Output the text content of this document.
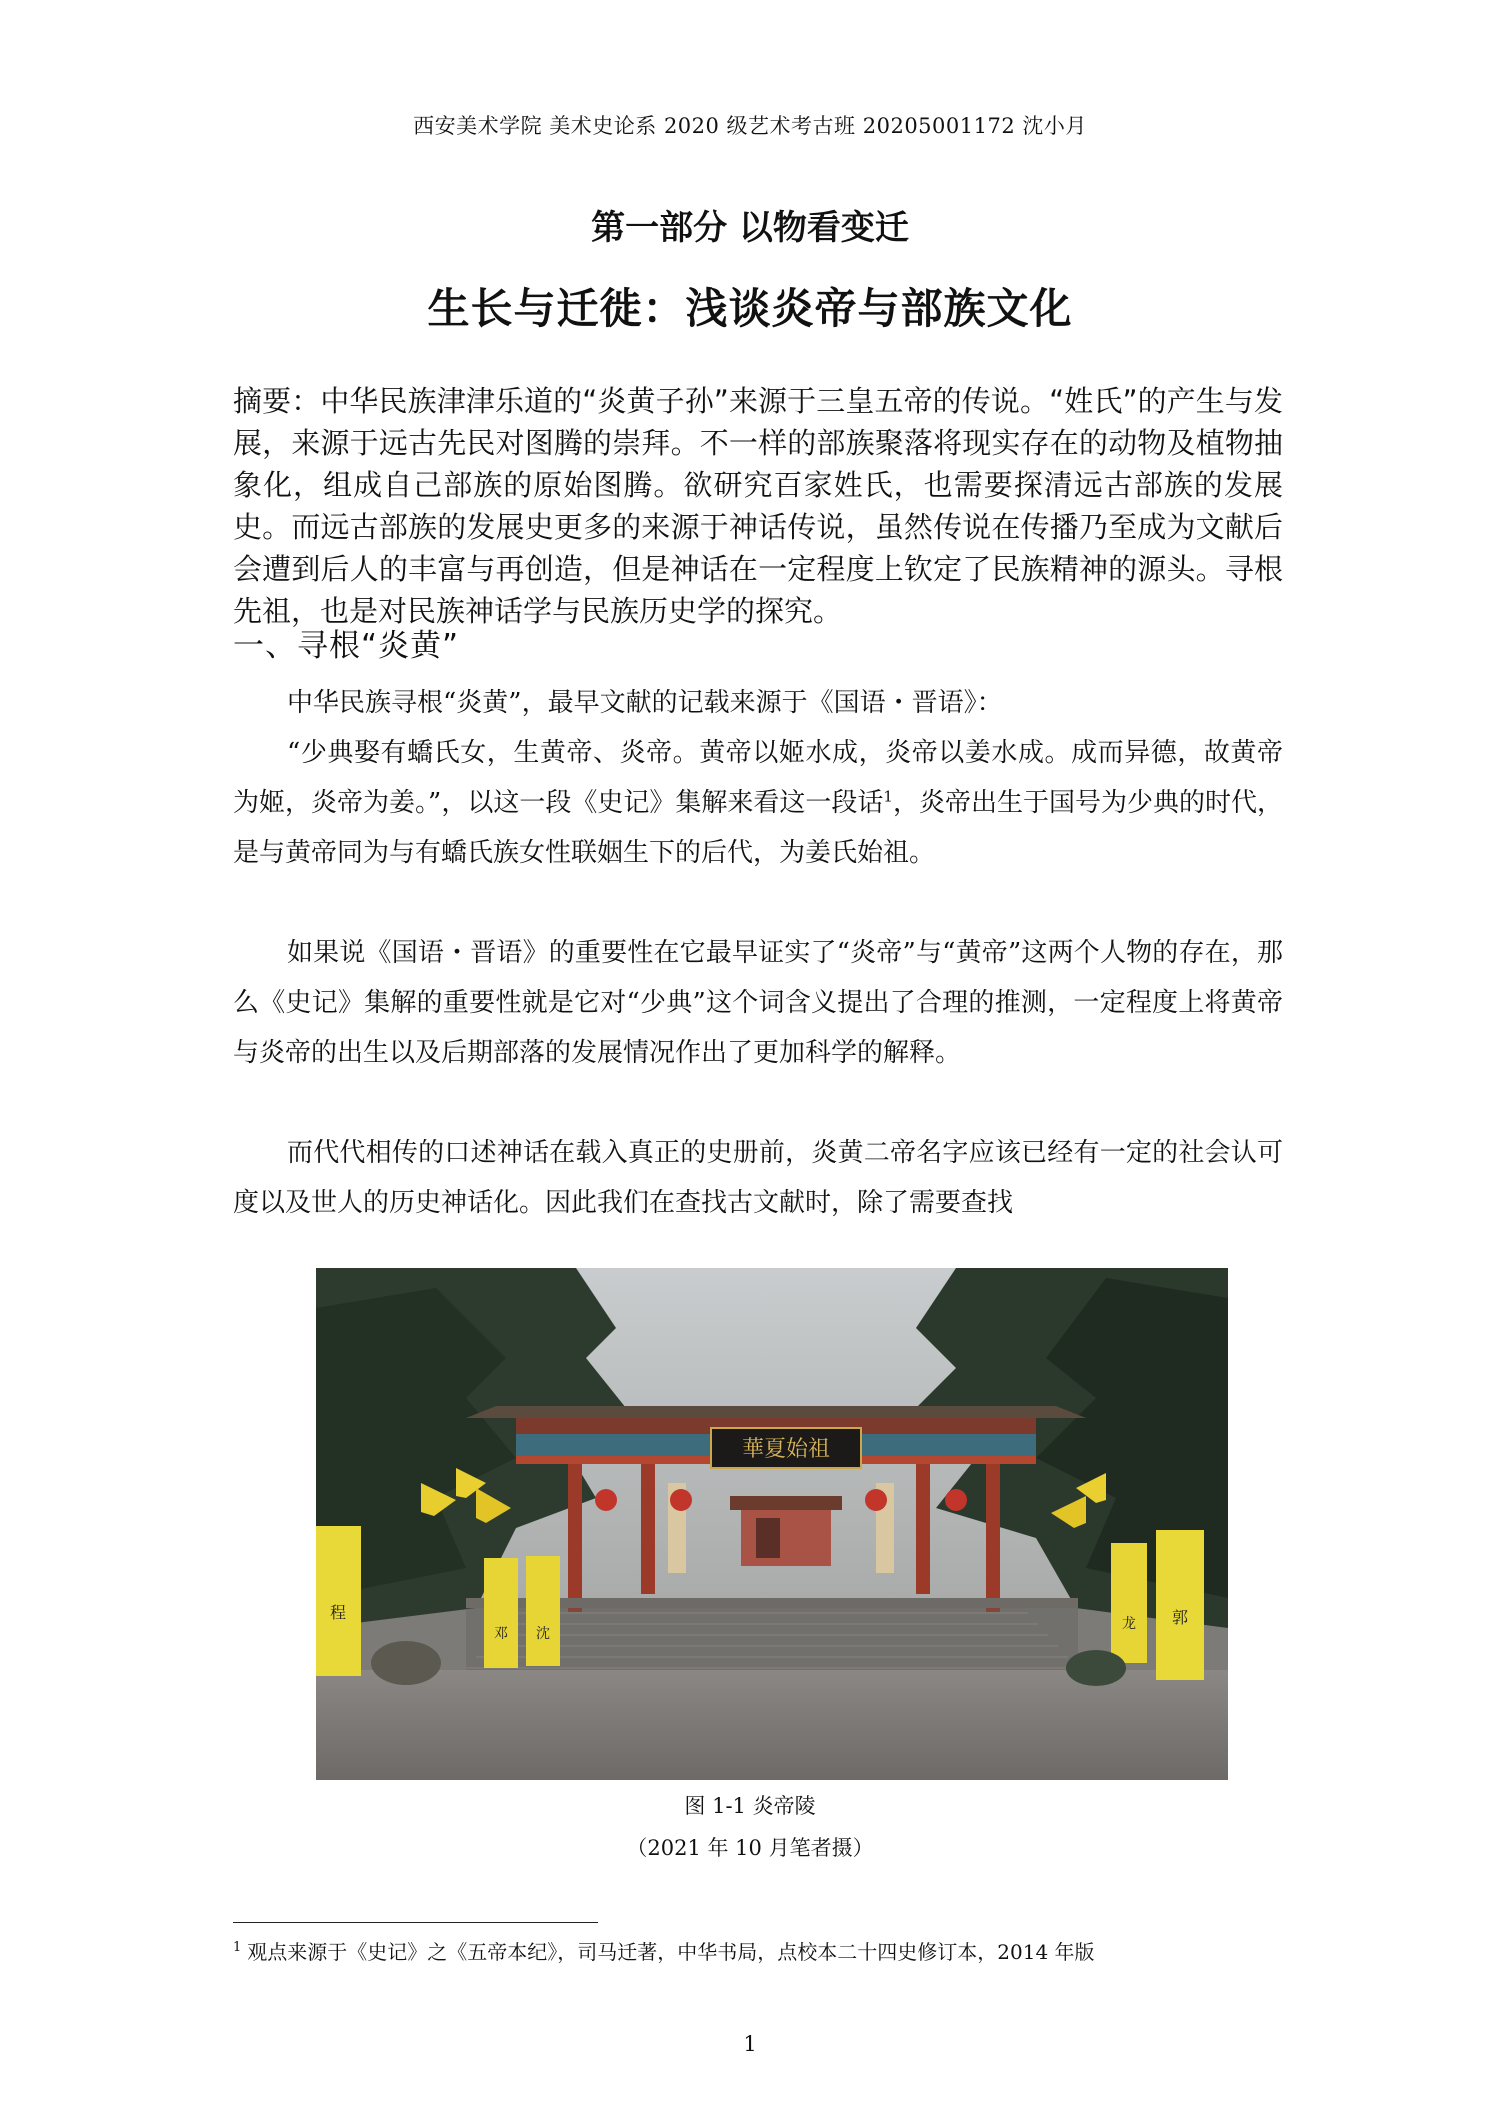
西安美术学院 美术史论系 2020 级艺术考古班 20205001172 沈小月
第一部分 以物看变迁
生长与迁徙：浅谈炎帝与部族文化
摘要：中华民族津津乐道的“炎黄子孙”来源于三皇五帝的传说。“姓氏”的产生与发展，来源于远古先民对图腾的崇拜。不一样的部族聚落将现实存在的动物及植物抽象化，组成自己部族的原始图腾。欲研究百家姓氏，也需要探清远古部族的发展史。而远古部族的发展史更多的来源于神话传说，虽然传说在传播乃至成为文献后会遭到后人的丰富与再创造，但是神话在一定程度上钦定了民族精神的源头。寻根先祖，也是对民族神话学与民族历史学的探究。
一、寻根“炎黄”

中华民族寻根“炎黄”，最早文献的记载来源于《国语・晋语》：

“少典娶有蟜氏女，生黄帝、炎帝。黄帝以姬水成，炎帝以姜水成。成而异德，故黄帝为姬，炎帝为姜。”，以这一段《史记》集解来看这一段话$^1$，炎帝出生于国号为少典的时代，是与黄帝同为与有蟜氏族女性联姻生下的后代，为姜氏始祖。

如果说《国语・晋语》的重要性在它最早证实了“炎帝”与“黄帝”这两个人物的存在，那么《史记》集解的重要性就是它对“少典”这个词含义提出了合理的推测，一定程度上将黄帝与炎帝的出生以及后期部落的发展情况作出了更加科学的解释。

而代代相传的口述神话在载入真正的史册前，炎黄二帝名字应该已经有一定的社会认可度以及世人的历史神话化。因此我们在查找古文献时，除了需要查找

華夏始祖
程
邓 沈
龙 郭
图 1-1 炎帝陵
（2021 年 10 月笔者摄）
$^1$ 观点来源于《史记》之《五帝本纪》，司马迁著，中华书局，点校本二十四史修订本，2014 年版
1
